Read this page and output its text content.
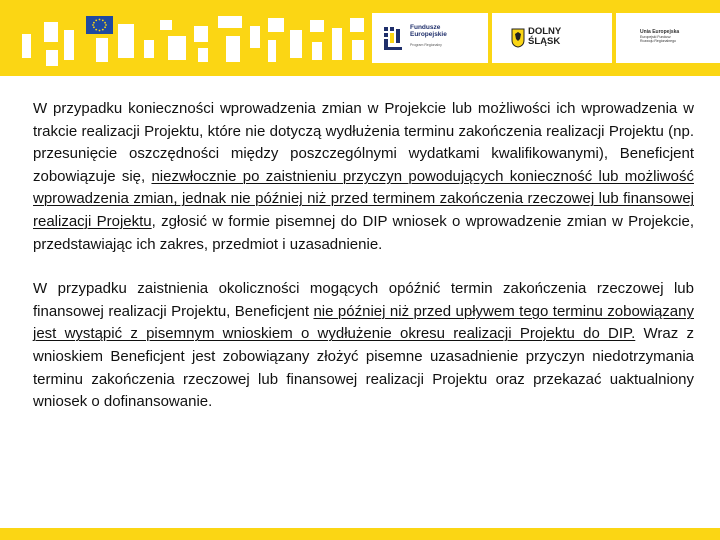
Fundusze
Europejskie
Program Regionalny
DOLNY
ŚLĄSK
Unia Europejska
Europejski Fundusz
Rozwoju Regionalnego

W przypadku konieczności wprowadzenia zmian w Projekcie lub możliwości ich wprowadzenia w trakcie realizacji Projektu, które nie dotyczą wydłużenia terminu zakończenia realizacji Projektu (np. przesunięcie oszczędności między poszczególnymi wydatkami kwalifikowanymi), Beneficjent zobowiązuje się, niezwłocznie po zaistnieniu przyczyn powodujących konieczność lub możliwość wprowadzenia zmian, jednak nie później niż przed terminem zakończenia rzeczowej lub finansowej realizacji Projektu, zgłosić w formie pisemnej do DIP wniosek o wprowadzenie zmian w Projekcie, przedstawiając ich zakres, przedmiot i uzasadnienie.

W przypadku zaistnienia okoliczności mogących opóźnić termin zakończenia rzeczowej lub finansowej realizacji Projektu, Beneficjent nie później niż przed upływem tego terminu zobowiązany jest wystąpić z pisemnym wnioskiem o wydłużenie okresu realizacji Projektu do DIP. Wraz z wnioskiem Beneficjent jest zobowiązany złożyć pisemne uzasadnienie przyczyn niedotrzymania terminu zakończenia rzeczowej lub finansowej realizacji Projektu oraz przekazać uaktualniony wniosek o dofinansowanie.
